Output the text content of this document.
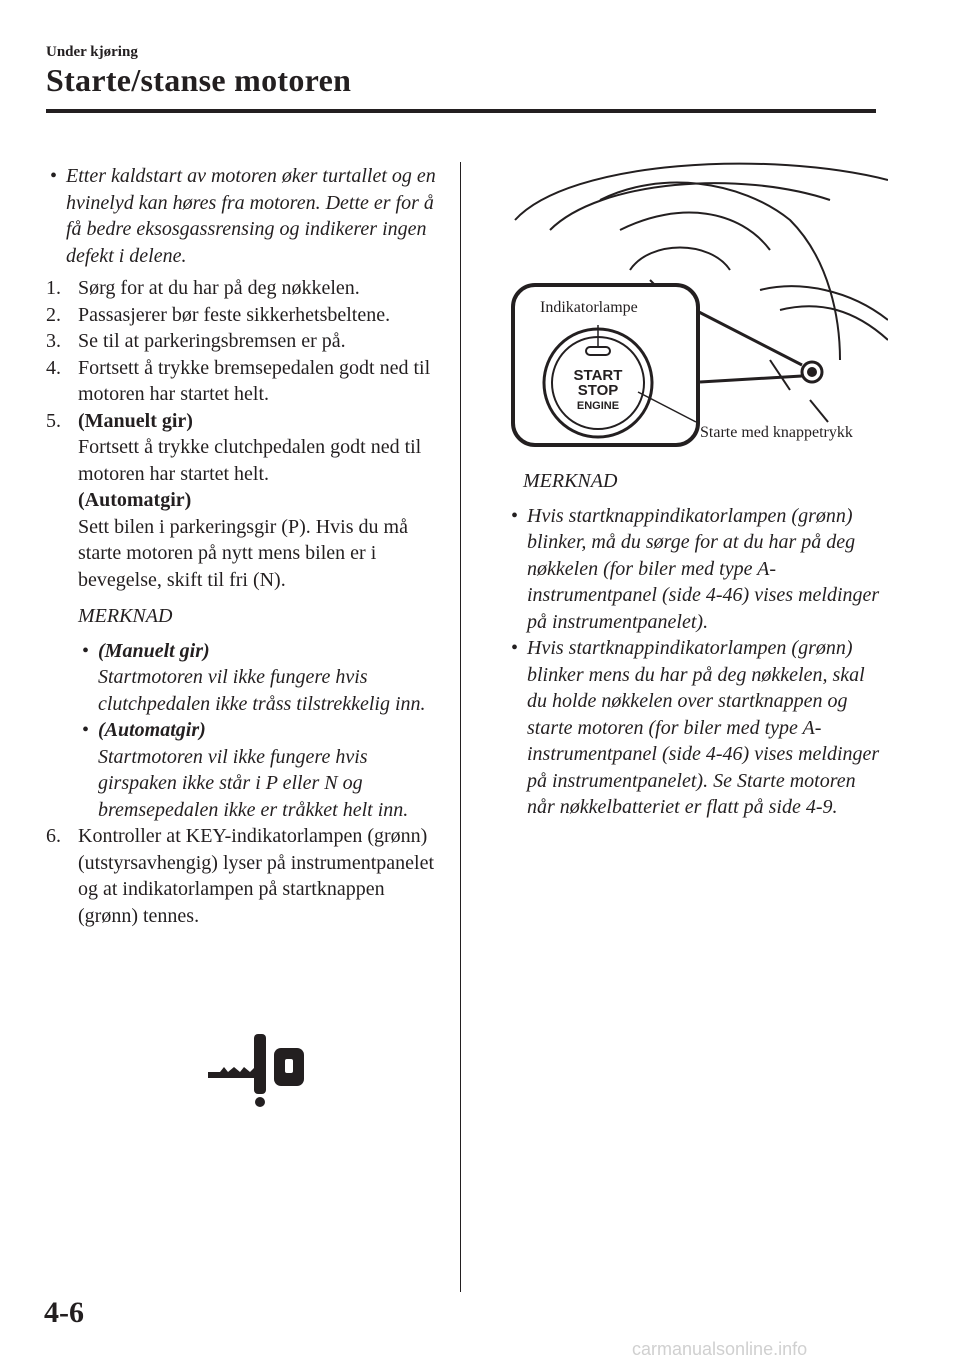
Under kjøring
Starte/stanse motoren
• Etter kaldstart av motoren øker turtallet og en hvinelyd kan høres fra motoren. Dette er for å få bedre eksosgassrensing og indikerer ingen defekt i delene.
1. Sørg for at du har på deg nøkkelen.
2. Passasjerer bør feste sikkerhetsbeltene.
3. Se til at parkeringsbremsen er på.
4. Fortsett å trykke bremsepedalen godt ned til motoren har startet helt.
5. (Manuelt gir)
Fortsett å trykke clutchpedalen godt ned til motoren har startet helt.
(Automatgir)
Sett bilen i parkeringsgir (P). Hvis du må starte motoren på nytt mens bilen er i bevegelse, skift til fri (N).
MERKNAD
• (Manuelt gir)
Startmotoren vil ikke fungere hvis clutchpedalen ikke tråss tilstrekkelig inn.
• (Automatgir)
Startmotoren vil ikke fungere hvis girspaken ikke står i P eller N og bremsepedalen ikke er tråkket helt inn.
6. Kontroller at KEY-indikatorlampen (grønn) (utstyrsavhengig) lyser på instrumentpanelet og at indikatorlampen på startknappen (grønn) tennes.
START
STOP
ENGINE
Indikatorlampe
Starte med knappetrykk
MERKNAD
• Hvis startknappindikatorlampen (grønn) blinker, må du sørge for at du har på deg nøkkelen (for biler med type A-instrumentpanel (side 4-46) vises meldinger på instrumentpanelet).
• Hvis startknappindikatorlampen (grønn) blinker mens du har på deg nøkkelen, skal du holde nøkkelen over startknappen og starte motoren (for biler med type A-instrumentpanel (side 4-46) vises meldinger på instrumentpanelet). Se Starte motoren når nøkkelbatteriet er flatt på side 4-9.
4-6
carmanualsonline.info
